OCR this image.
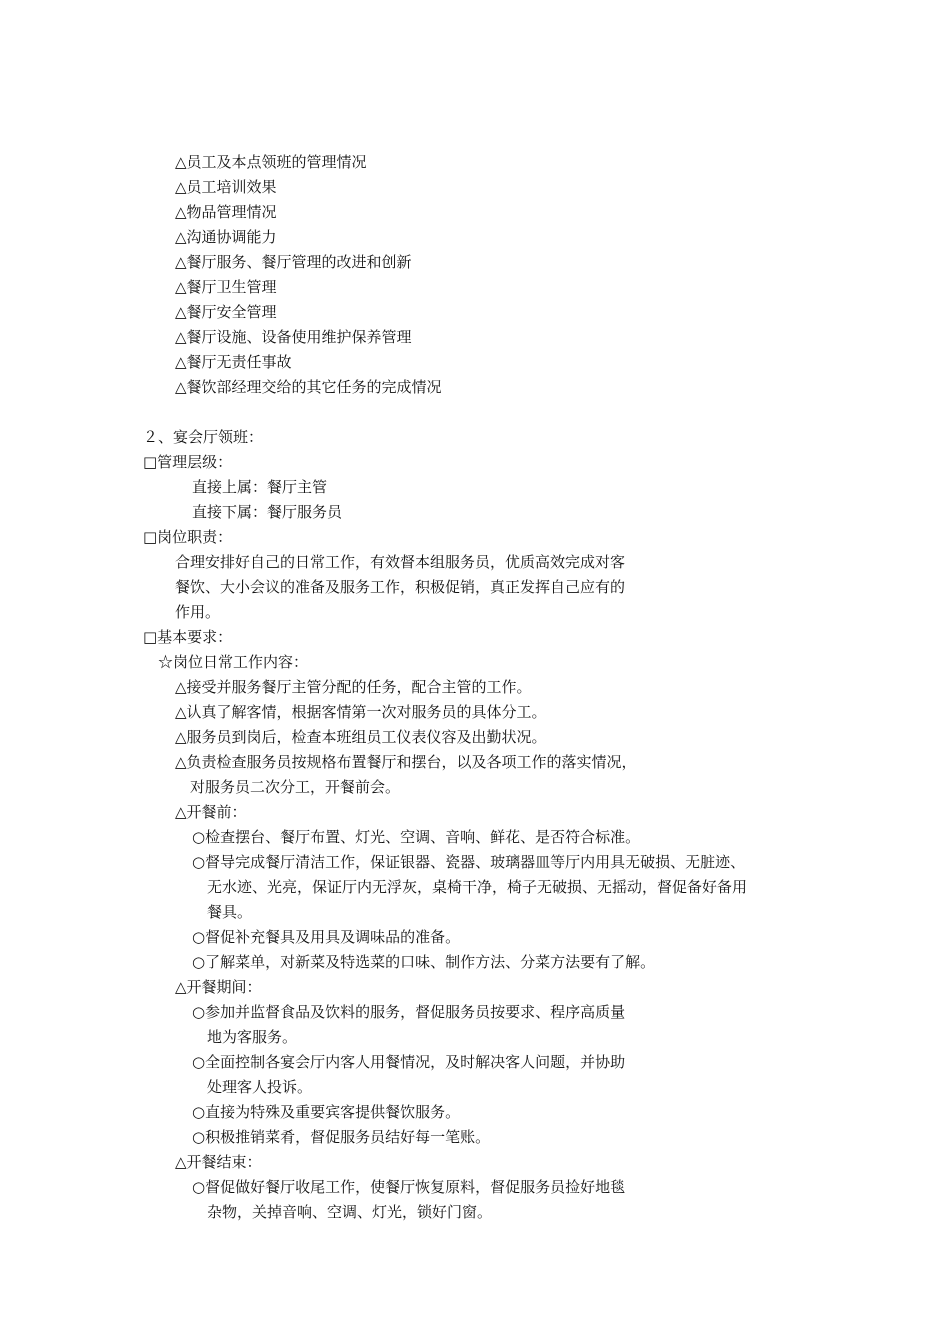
△员工及本点领班的管理情况
△员工培训效果
△物品管理情况
△沟通协调能力
△餐厅服务、餐厅管理的改进和创新
△餐厅卫生管理
△餐厅安全管理
△餐厅设施、设备使用维护保养管理
△餐厅无责任事故
△餐饮部经理交给的其它任务的完成情况
２、宴会厅领班：
□管理层级：
直接上属：餐厅主管
直接下属：餐厅服务员
□岗位职责：
合理安排好自己的日常工作，有效督本组服务员，优质高效完成对客
餐饮、大小会议的准备及服务工作，积极促销，真正发挥自己应有的
作用。
□基本要求：
☆岗位日常工作内容：
△接受并服务餐厅主管分配的任务，配合主管的工作。
△认真了解客情，根据客情第一次对服务员的具体分工。
△服务员到岗后，检查本班组员工仪表仪容及出勤状况。
△负责检查服务员按规格布置餐厅和摆台，以及各项工作的落实情况，
对服务员二次分工，开餐前会。
△开餐前：
○检查摆台、餐厅布置、灯光、空调、音响、鲜花、是否符合标准。
○督导完成餐厅清洁工作，保证银器、瓷器、玻璃器皿等厅内用具无破损、无脏迹、
无水迹、光亮，保证厅内无浮灰，桌椅干净，椅子无破损、无摇动，督促备好备用
餐具。
○督促补充餐具及用具及调味品的准备。
○了解菜单，对新菜及特选菜的口味、制作方法、分菜方法要有了解。
△开餐期间：
○参加并监督食品及饮料的服务，督促服务员按要求、程序高质量
地为客服务。
○全面控制各宴会厅内客人用餐情况，及时解决客人问题，并协助
处理客人投诉。
○直接为特殊及重要宾客提供餐饮服务。
○积极推销菜肴，督促服务员结好每一笔账。
△开餐结束：
○督促做好餐厅收尾工作，使餐厅恢复原料，督促服务员捡好地毯
杂物，关掉音响、空调、灯光，锁好门窗。
